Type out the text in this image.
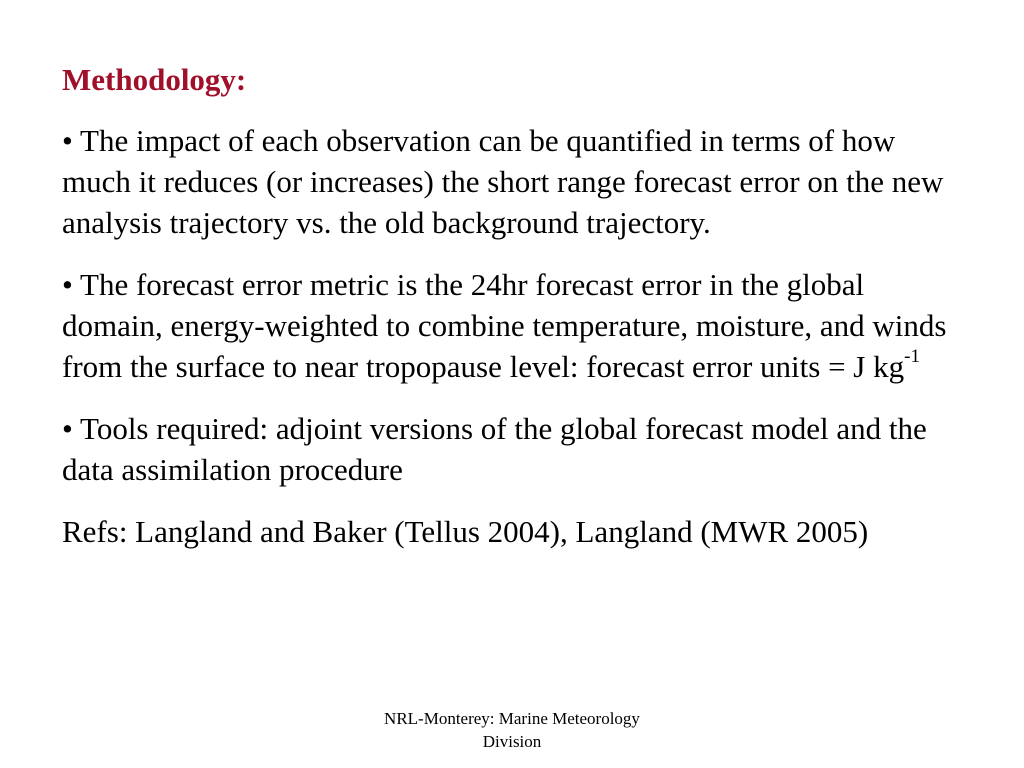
Methodology:

• The impact of each observation can be quantified in terms of how much it reduces (or increases) the short range forecast error on the new analysis trajectory vs. the old background trajectory.

• The forecast error metric is the 24hr forecast error in the global domain, energy-weighted to combine temperature, moisture, and winds from the surface to near tropopause level: forecast error units = J $kg^{-1}$

• Tools required: adjoint versions of the global forecast model and the data assimilation procedure

Refs: Langland and Baker (Tellus 2004), Langland (MWR 2005)

NRL-Monterey: Marine Meteorology
Division
